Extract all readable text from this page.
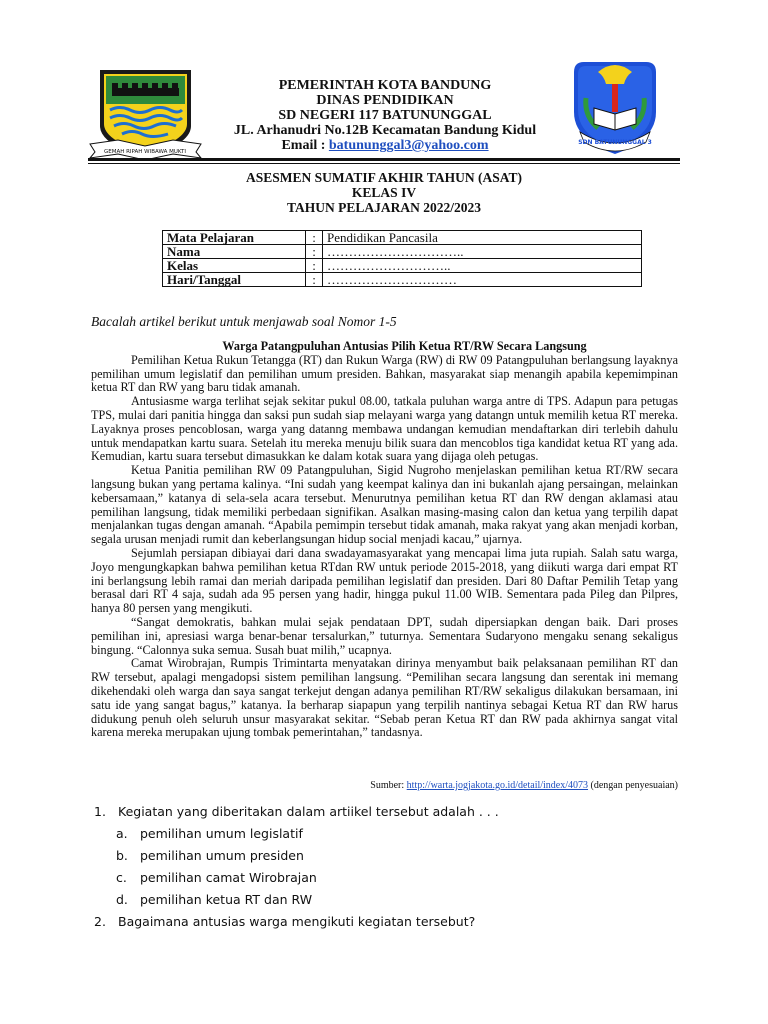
GEMAH RIPAH WIBAWA MUKTI
SDN BATUNUNGGAL 3
PEMERINTAH KOTA BANDUNG
DINAS PENDIDIKAN
SD NEGERI 117 BATUNUNGGAL
JL. Arhanudri No.12B Kecamatan Bandung Kidul
Email : batununggal3@yahoo.com
ASESMEN SUMATIF AKHIR TAHUN (ASAT)
KELAS IV
TAHUN PELAJARAN 2022/2023
Mata Pelajaran	:	Pendidikan Pancasila
Nama	:	…………………………..
Kelas	:	………………………..
Hari/Tanggal	:	…………………………
Bacalah artikel berikut untuk menjawab soal Nomor 1-5

Warga Patangpuluhan Antusias Pilih Ketua RT/RW Secara Langsung

Pemilihan Ketua Rukun Tetangga (RT) dan Rukun Warga (RW) di RW 09 Patangpuluhan berlangsung layaknya pemilihan umum legislatif dan pemilihan umum presiden. Bahkan, masyarakat siap menangih apabila kepemimpinan ketua RT dan RW yang baru tidak amanah.

Antusiasme warga terlihat sejak sekitar pukul 08.00, tatkala puluhan warga antre di TPS. Adapun para petugas TPS, mulai dari panitia hingga dan saksi pun sudah siap melayani warga yang datangn untuk memilih ketua RT mereka. Layaknya proses pencoblosan, warga yang datanng membawa undangan kemudian mendaftarkan diri terlebih dahulu untuk mendapatkan kartu suara. Setelah itu mereka menuju bilik suara dan mencoblos tiga kandidat ketua RT yang ada. Kemudian, kartu suara tersebut dimasukkan ke dalam kotak suara yang dijaga oleh petugas.

Ketua Panitia pemilihan RW 09 Patangpuluhan, Sigid Nugroho menjelaskan pemilihan ketua RT/RW secara langsung bukan yang pertama kalinya. “Ini sudah yang keempat kalinya dan ini bukanlah ajang persaingan, melainkan kebersamaan,” katanya di sela-sela acara tersebut. Menurutnya pemilihan ketua RT dan RW dengan aklamasi atau pemilihan langsung, tidak memiliki perbedaan signifikan. Asalkan masing-masing calon dan ketua yang terpilih dapat menjalankan tugas dengan amanah. “Apabila pemimpin tersebut tidak amanah, maka rakyat yang akan menjadi korban, segala urusan menjadi rumit dan keberlangsungan hidup social menjadi kacau,” ujarnya.

Sejumlah persiapan dibiayai dari dana swadayamasyarakat yang mencapai lima juta rupiah. Salah satu warga, Joyo mengungkapkan bahwa pemilihan ketua RTdan RW untuk periode 2015-2018, yang diikuti warga dari empat RT ini berlangsung lebih ramai dan meriah daripada pemilihan legislatif dan presiden. Dari 80 Daftar Pemilih Tetap yang berasal dari RT 4 saja, sudah ada 95 persen yang hadir, hingga pukul 11.00 WIB. Sementara pada Pileg dan Pilpres, hanya 80 persen yang mengikuti.

“Sangat demokratis, bahkan mulai sejak pendataan DPT, sudah dipersiapkan dengan baik. Dari proses pemilihan ini, apresiasi warga benar-benar tersalurkan,” tuturnya. Sementara Sudaryono mengaku senang sekaligus bingung. “Calonnya suka semua. Susah buat milih,” ucapnya.

Camat Wirobrajan, Rumpis Trimintarta menyatakan dirinya menyambut baik pelaksanaan pemilihan RT dan RW tersebut, apalagi mengadopsi sistem pemilihan langsung. “Pemilihan secara langsung dan serentak ini memang dikehendaki oleh warga dan saya sangat terkejut dengan adanya pemilihan RT/RW sekaligus dilakukan bersamaan, ini satu ide yang sangat bagus,” katanya. Ia berharap siapapun yang terpilih nantinya sebagai Ketua RT dan RW harus didukung penuh oleh seluruh unsur masyarakat sekitar. “Sebab peran Ketua RT dan RW pada akhirnya sangat vital karena mereka merupakan ujung tombak pemerintahan,” tandasnya.

Sumber: http://warta.jogjakota.go.id/detail/index/4073 (dengan penyesuaian)
1. Kegiatan yang diberitakan dalam artiikel tersebut adalah . . .
a. pemilihan umum legislatif
b. pemilihan umum presiden
c. pemilihan camat Wirobrajan
d. pemilihan ketua RT dan RW
2. Bagaimana antusias warga mengikuti kegiatan tersebut?
